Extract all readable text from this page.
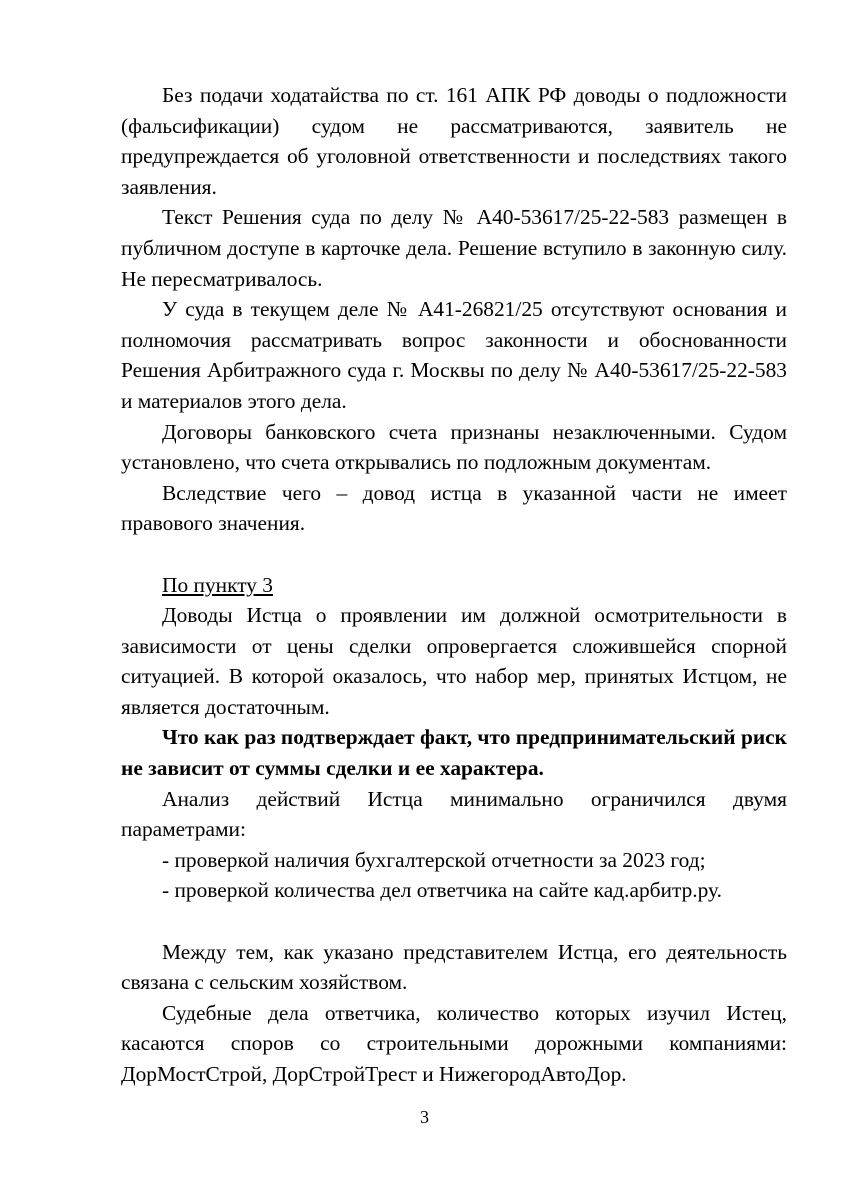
Без подачи ходатайства по ст. 161 АПК РФ доводы о подложности (фальсификации) судом не рассматриваются, заявитель не предупреждается об уголовной ответственности и последствиях такого заявления.

Текст Решения суда по делу № А40-53617/25-22-583 размещен в публичном доступе в карточке дела. Решение вступило в законную силу. Не пересматривалось.

У суда в текущем деле № А41-26821/25 отсутствуют основания и полномочия рассматривать вопрос законности и обоснованности Решения Арбитражного суда г. Москвы по делу № А40-53617/25-22-583 и материалов этого дела.

Договоры банковского счета признаны незаключенными. Судом установлено, что счета открывались по подложным документам.

Вследствие чего – довод истца в указанной части не имеет правового значения.

По пункту 3

Доводы Истца о проявлении им должной осмотрительности в зависимости от цены сделки опровергается сложившейся спорной ситуацией. В которой оказалось, что набор мер, принятых Истцом, не является достаточным.

Что как раз подтверждает факт, что предпринимательский риск не зависит от суммы сделки и ее характера.

Анализ действий Истца минимально ограничился двумя параметрами:

- проверкой наличия бухгалтерской отчетности за 2023 год;
- проверкой количества дел ответчика на сайте кад.арбитр.ру.

Между тем, как указано представителем Истца, его деятельность связана с сельским хозяйством.

Судебные дела ответчика, количество которых изучил Истец, касаются споров со строительными дорожными компаниями: ДорМостСтрой, ДорСтройТрест и НижегородАвтоДор.

3
